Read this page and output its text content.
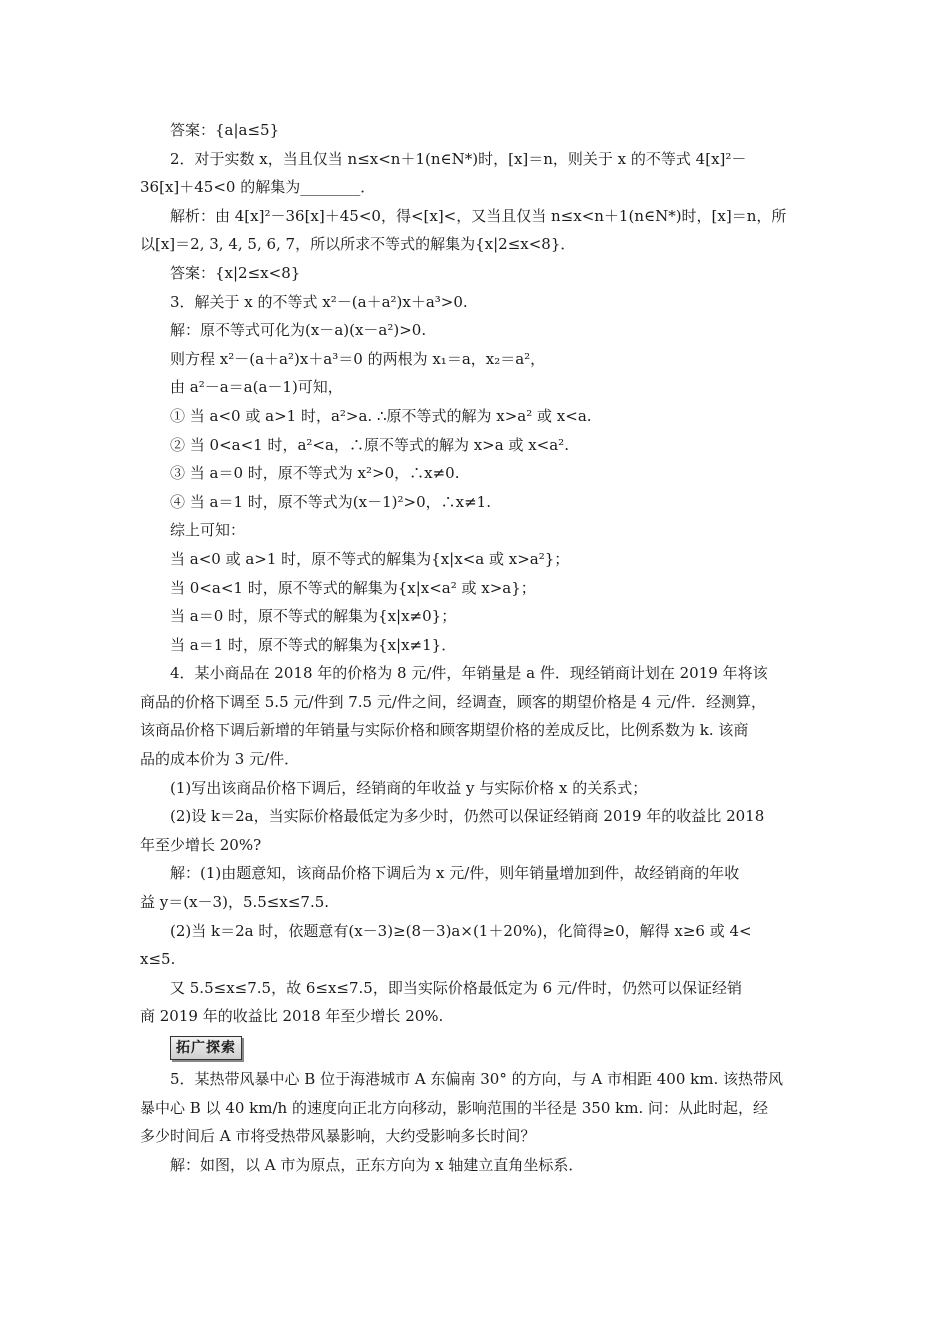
答案：{a|a≤5}
2．对于实数 x，当且仅当 n≤x<n＋1(n∈N*)时，[x]＝n，则关于 x 的不等式 4[x]²－
36[x]＋45<0 的解集为________．
解析：由 4[x]²－36[x]＋45<0，得<[x]<，又当且仅当 n≤x<n＋1(n∈N*)时，[x]＝n，所
以[x]＝2, 3, 4, 5, 6, 7，所以所求不等式的解集为{x|2≤x<8}．
答案：{x|2≤x<8}
3．解关于 x 的不等式 x²－(a＋a²)x＋a³>0.
解：原不等式可化为(x－a)(x－a²)>0.
则方程 x²－(a＋a²)x＋a³＝0 的两根为 x₁＝a，x₂＝a²，
由 a²－a＝a(a－1)可知，
① 当 a<0 或 a>1 时，a²>a. ∴原不等式的解为 x>a² 或 x<a.
② 当 0<a<1 时，a²<a，∴原不等式的解为 x>a 或 x<a².
③ 当 a＝0 时，原不等式为 x²>0，∴x≠0.
④ 当 a＝1 时，原不等式为(x－1)²>0，∴x≠1.
综上可知：
当 a<0 或 a>1 时，原不等式的解集为{x|x<a 或 x>a²}；
当 0<a<1 时，原不等式的解集为{x|x<a² 或 x>a}；
当 a＝0 时，原不等式的解集为{x|x≠0}；
当 a＝1 时，原不等式的解集为{x|x≠1}．
4．某小商品在 2018 年的价格为 8 元/件，年销量是 a 件．现经销商计划在 2019 年将该
商品的价格下调至 5.5 元/件到 7.5 元/件之间，经调查，顾客的期望价格是 4 元/件．经测算，
该商品价格下调后新增的年销量与实际价格和顾客期望价格的差成反比，比例系数为 k. 该商
品的成本价为 3 元/件．
(1)写出该商品价格下调后，经销商的年收益 y 与实际价格 x 的关系式；
(2)设 k＝2a，当实际价格最低定为多少时，仍然可以保证经销商 2019 年的收益比 2018
年至少增长 20%?
解：(1)由题意知，该商品价格下调后为 x 元/件，则年销量增加到件，故经销商的年收
益 y＝(x－3)，5.5≤x≤7.5.
(2)当 k＝2a 时，依题意有(x－3)≥(8－3)a×(1＋20%)，化简得≥0，解得 x≥6 或 4<
x≤5.
又 5.5≤x≤7.5，故 6≤x≤7.5，即当实际价格最低定为 6 元/件时，仍然可以保证经销
商 2019 年的收益比 2018 年至少增长 20%.
拓广探索
5．某热带风暴中心 B 位于海港城市 A 东偏南 30° 的方向，与 A 市相距 400 km. 该热带风
暴中心 B 以 40 km/h 的速度向正北方向移动，影响范围的半径是 350 km. 问：从此时起，经
多少时间后 A 市将受热带风暴影响，大约受影响多长时间？
解：如图，以 A 市为原点，正东方向为 x 轴建立直角坐标系．
